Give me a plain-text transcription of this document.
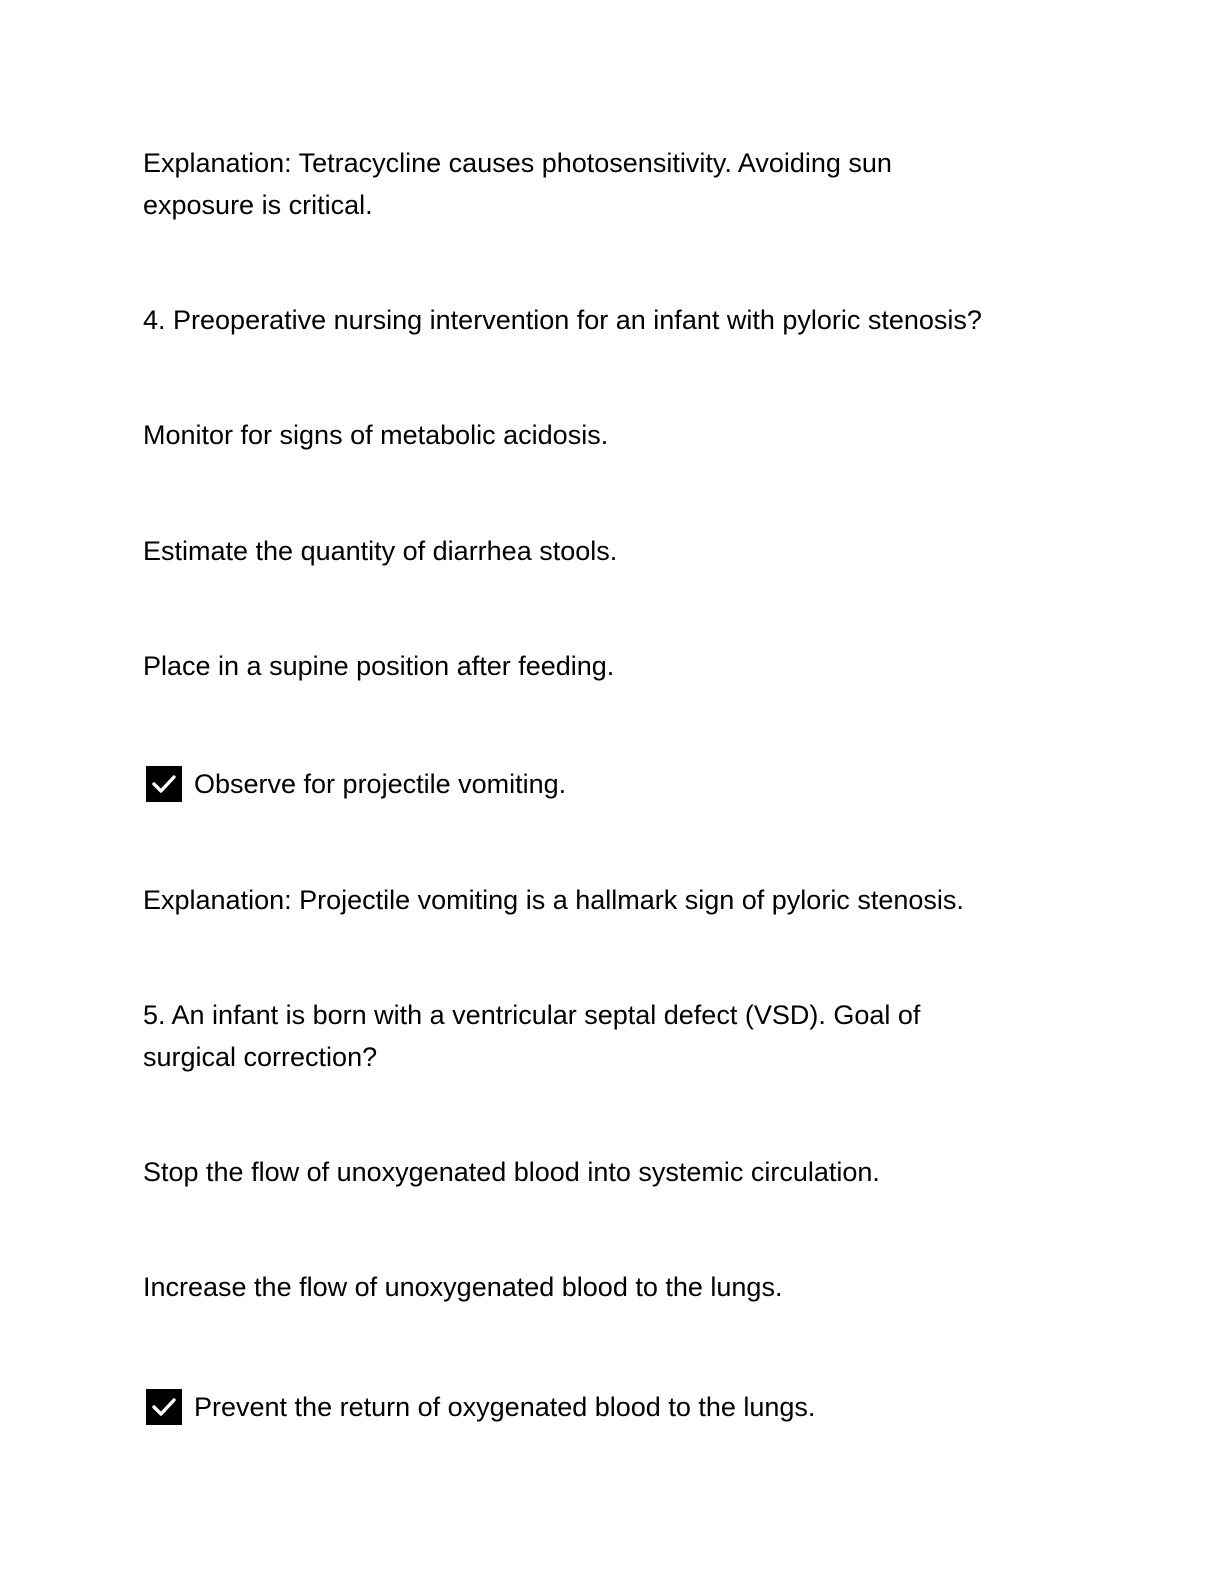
Explanation: Tetracycline causes photosensitivity. Avoiding sun
exposure is critical.
4. Preoperative nursing intervention for an infant with pyloric stenosis?
Monitor for signs of metabolic acidosis.
Estimate the quantity of diarrhea stools.
Place in a supine position after feeding.
Observe for projectile vomiting.
Explanation: Projectile vomiting is a hallmark sign of pyloric stenosis.
5. An infant is born with a ventricular septal defect (VSD). Goal of
surgical correction?
Stop the flow of unoxygenated blood into systemic circulation.
Increase the flow of unoxygenated blood to the lungs.
Prevent the return of oxygenated blood to the lungs.
